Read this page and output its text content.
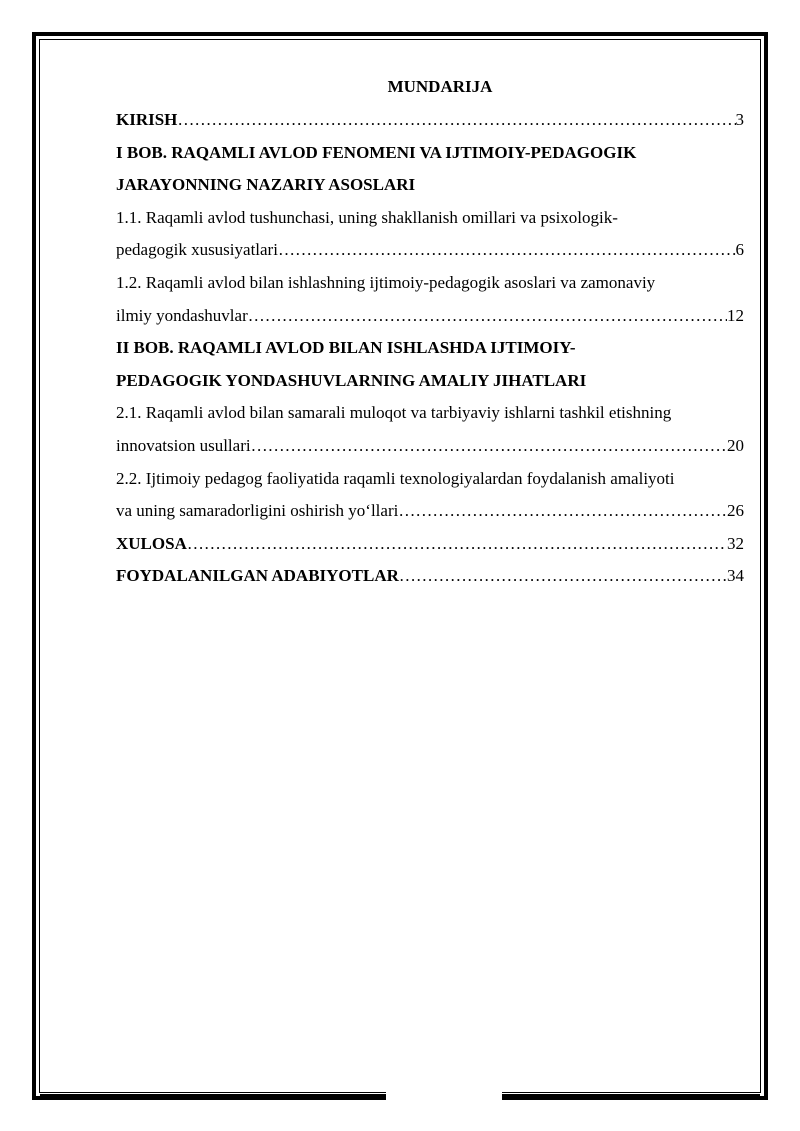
MUNDARIJA
KIRISH ……………………………………………………………………………………………………………………………………………………………………………………	3
I BOB. RAQAMLI AVLOD FENOMENI VA IJTIMOIY-PEDAGOGIK
JARAYONNING NAZARIY ASOSLARI
1.1. Raqamli avlod tushunchasi, uning shakllanish omillari va psixologik-
pedagogik xususiyatlari ……………………………………………………………………………………………………………………………………………………………………………………	6
1.2. Raqamli avlod bilan ishlashning ijtimoiy-pedagogik asoslari va zamonaviy
ilmiy yondashuvlar ……………………………………………………………………………………………………………………………………………………………………………………	12
II BOB. RAQAMLI AVLOD BILAN ISHLASHDA IJTIMOIY-
PEDAGOGIK YONDASHUVLARNING AMALIY JIHATLARI
2.1. Raqamli avlod bilan samarali muloqot va tarbiyaviy ishlarni tashkil etishning
innovatsion usullari ……………………………………………………………………………………………………………………………………………………………………………………	20
2.2. Ijtimoiy pedagog faoliyatida raqamli texnologiyalardan foydalanish amaliyoti
va uning samaradorligini oshirish yo‘llari ……………………………………………………………………………………………………………………………………………………………………………………	26
XULOSA ……………………………………………………………………………………………………………………………………………………………………………………	32
FOYDALANILGAN ADABIYOTLAR ……………………………………………………………………………………………………………………………………………………………………………………	34
